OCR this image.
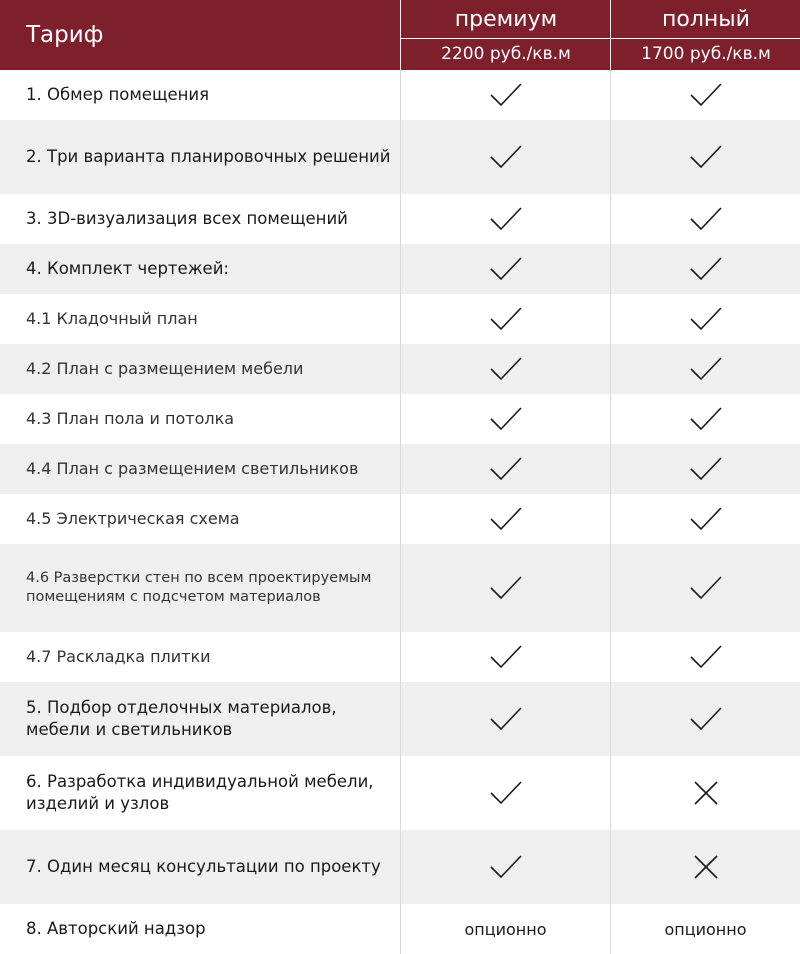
Тариф
премиум
2200 руб./кв.м
полный
1700 руб./кв.м
1. Обмер помещения
2. Три варианта планировочных решений
3. 3D-визуализация всех помещений
4. Комплект чертежей:
4.1 Кладочный план
4.2 План с размещением мебели
4.3 План пола и потолка
4.4 План с размещением светильников
4.5 Электрическая схема
4.6 Разверстки стен по всем проектируемым помещениям с подсчетом материалов
4.7 Раскладка плитки
5. Подбор отделочных материалов, мебели и светильников
6. Разработка индивидуальной мебели, изделий и узлов
7. Один месяц консультации по проекту
8. Авторский надзор	опционно	опционно
